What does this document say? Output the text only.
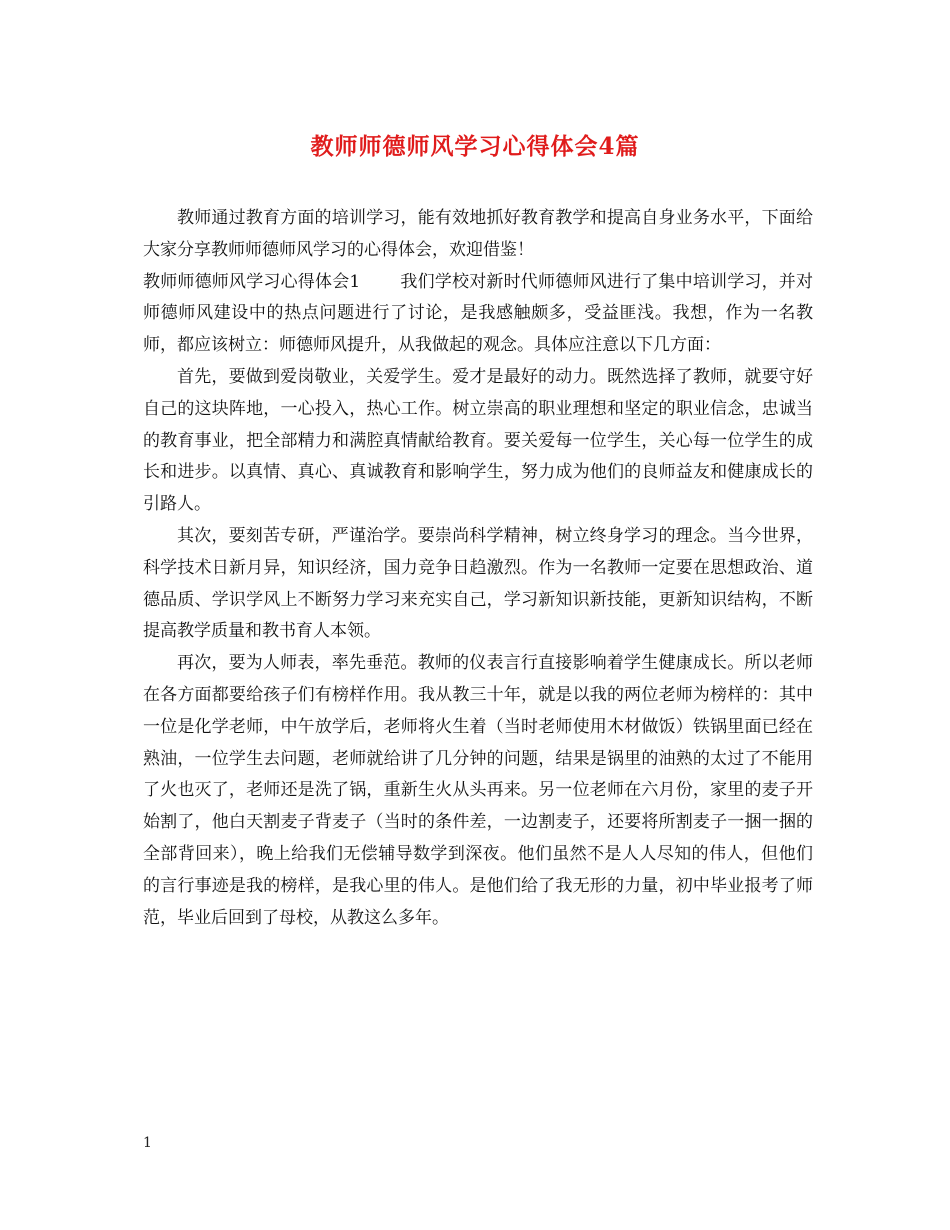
教师师德师风学习心得体会4篇

教师通过教育方面的培训学习，能有效地抓好教育教学和提高自身业务水平，下面给大家分享教师师德师风学习的心得体会，欢迎借鉴！

教师师德师风学习心得体会1 我们学校对新时代师德师风进行了集中培训学习，并对师德师风建设中的热点问题进行了讨论，是我感触颇多，受益匪浅。我想，作为一名教师，都应该树立：师德师风提升，从我做起的观念。具体应注意以下几方面：

首先，要做到爱岗敬业，关爱学生。爱才是最好的动力。既然选择了教师，就要守好自己的这块阵地，一心投入，热心工作。树立崇高的职业理想和坚定的职业信念，忠诚当的教育事业，把全部精力和满腔真情献给教育。要关爱每一位学生，关心每一位学生的成长和进步。以真情、真心、真诚教育和影响学生，努力成为他们的良师益友和健康成长的引路人。

其次，要刻苦专研，严谨治学。要崇尚科学精神，树立终身学习的理念。当今世界，科学技术日新月异，知识经济，国力竞争日趋激烈。作为一名教师一定要在思想政治、道德品质、学识学风上不断努力学习来充实自己，学习新知识新技能，更新知识结构，不断提高教学质量和教书育人本领。

再次，要为人师表，率先垂范。教师的仪表言行直接影响着学生健康成长。所以老师在各方面都要给孩子们有榜样作用。我从教三十年，就是以我的两位老师为榜样的：其中一位是化学老师，中午放学后，老师将火生着（当时老师使用木材做饭）铁锅里面已经在熟油，一位学生去问题，老师就给讲了几分钟的问题，结果是锅里的油熟的太过了不能用了火也灭了，老师还是洗了锅，重新生火从头再来。另一位老师在六月份，家里的麦子开始割了，他白天割麦子背麦子（当时的条件差，一边割麦子，还要将所割麦子一捆一捆的全部背回来），晚上给我们无偿辅导数学到深夜。他们虽然不是人人尽知的伟人，但他们的言行事迹是我的榜样，是我心里的伟人。是他们给了我无形的力量，初中毕业报考了师范，毕业后回到了母校，从教这么多年。

1
